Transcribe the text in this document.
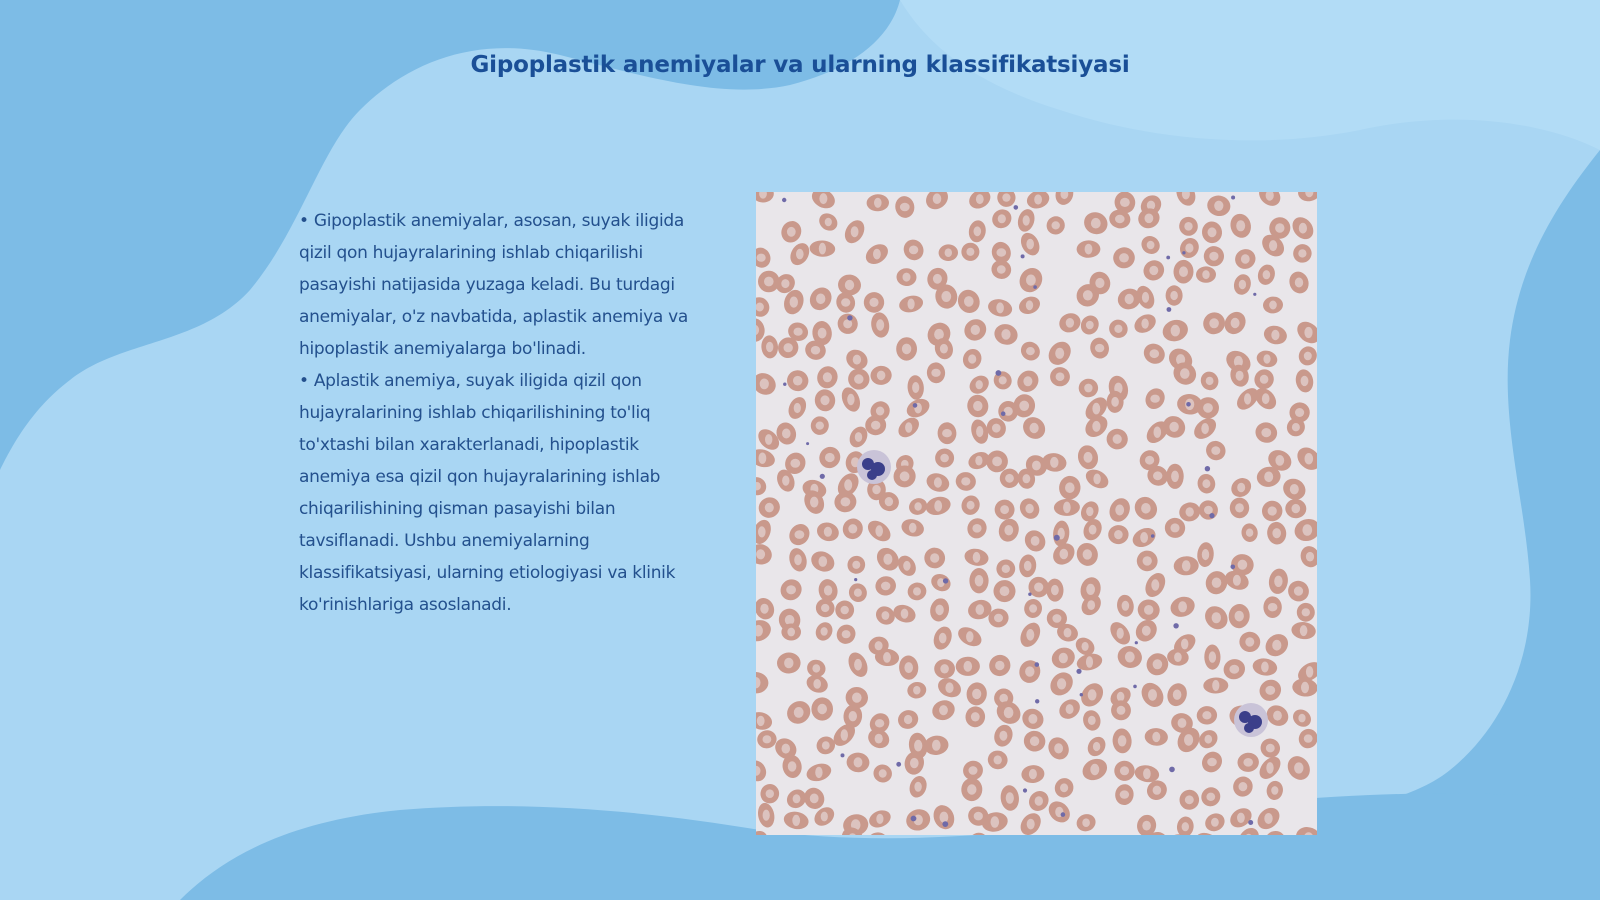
Gipoplastik anemiyalar va ularning klassifikatsiyasi

• Gipoplastik anemiyalar, asosan, suyak iligida qizil qon hujayralarining ishlab chiqarilishi pasayishi natijasida yuzaga keladi. Bu turdagi anemiyalar, o'z navbatida, aplastik anemiya va hipoplastik anemiyalarga bo'linadi.

• Aplastik anemiya, suyak iligida qizil qon hujayralarining ishlab chiqarilishining to'liq to'xtashi bilan xarakterlanadi, hipoplastik anemiya esa qizil qon hujayralarining ishlab chiqarilishining qisman pasayishi bilan tavsiflanadi. Ushbu anemiyalarning klassifikatsiyasi, ularning etiologiyasi va klinik ko'rinishlariga asoslanadi.
